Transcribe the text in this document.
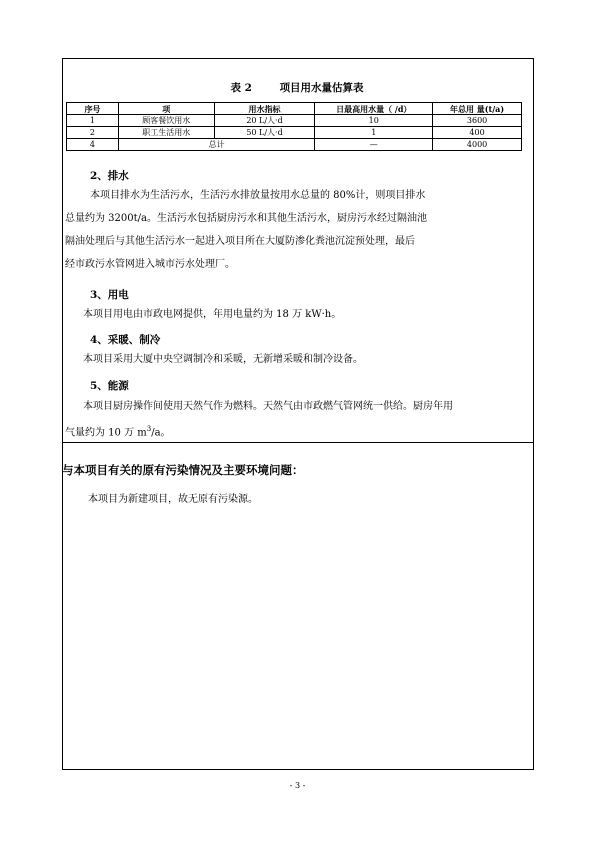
表 2	项目用水量估算表
序号	项	用水指标	日最高用水量（ /d）	年总用 量(t/a)
1	顾客餐饮用水	20 L/人·d	10	3600
2	职工生活用水	50 L/人·d	1	400
4	总计		—	4000
2、排水
本项目排水为生活污水，生活污水排放量按用水总量的 80%计，则项目排水
总量约为 3200t/a。生活污水包括厨房污水和其他生活污水，厨房污水经过隔油池
隔油处理后与其他生活污水一起进入项目所在大厦防渗化粪池沉淀预处理，最后
经市政污水管网进入城市污水处理厂。
3、用电
本项目用电由市政电网提供，年用电量约为 18 万 kW·h。
4、采暖、制冷
本项目采用大厦中央空调制冷和采暖，无新增采暖和制冷设备。
5、能源
本项目厨房操作间使用天然气作为燃料。天然气由市政燃气管网统一供给。厨房年用
气量约为 10 万 $m^3/a$。
与本项目有关的原有污染情况及主要环境问题：
本项目为新建项目，故无原有污染源。
- 3 -
